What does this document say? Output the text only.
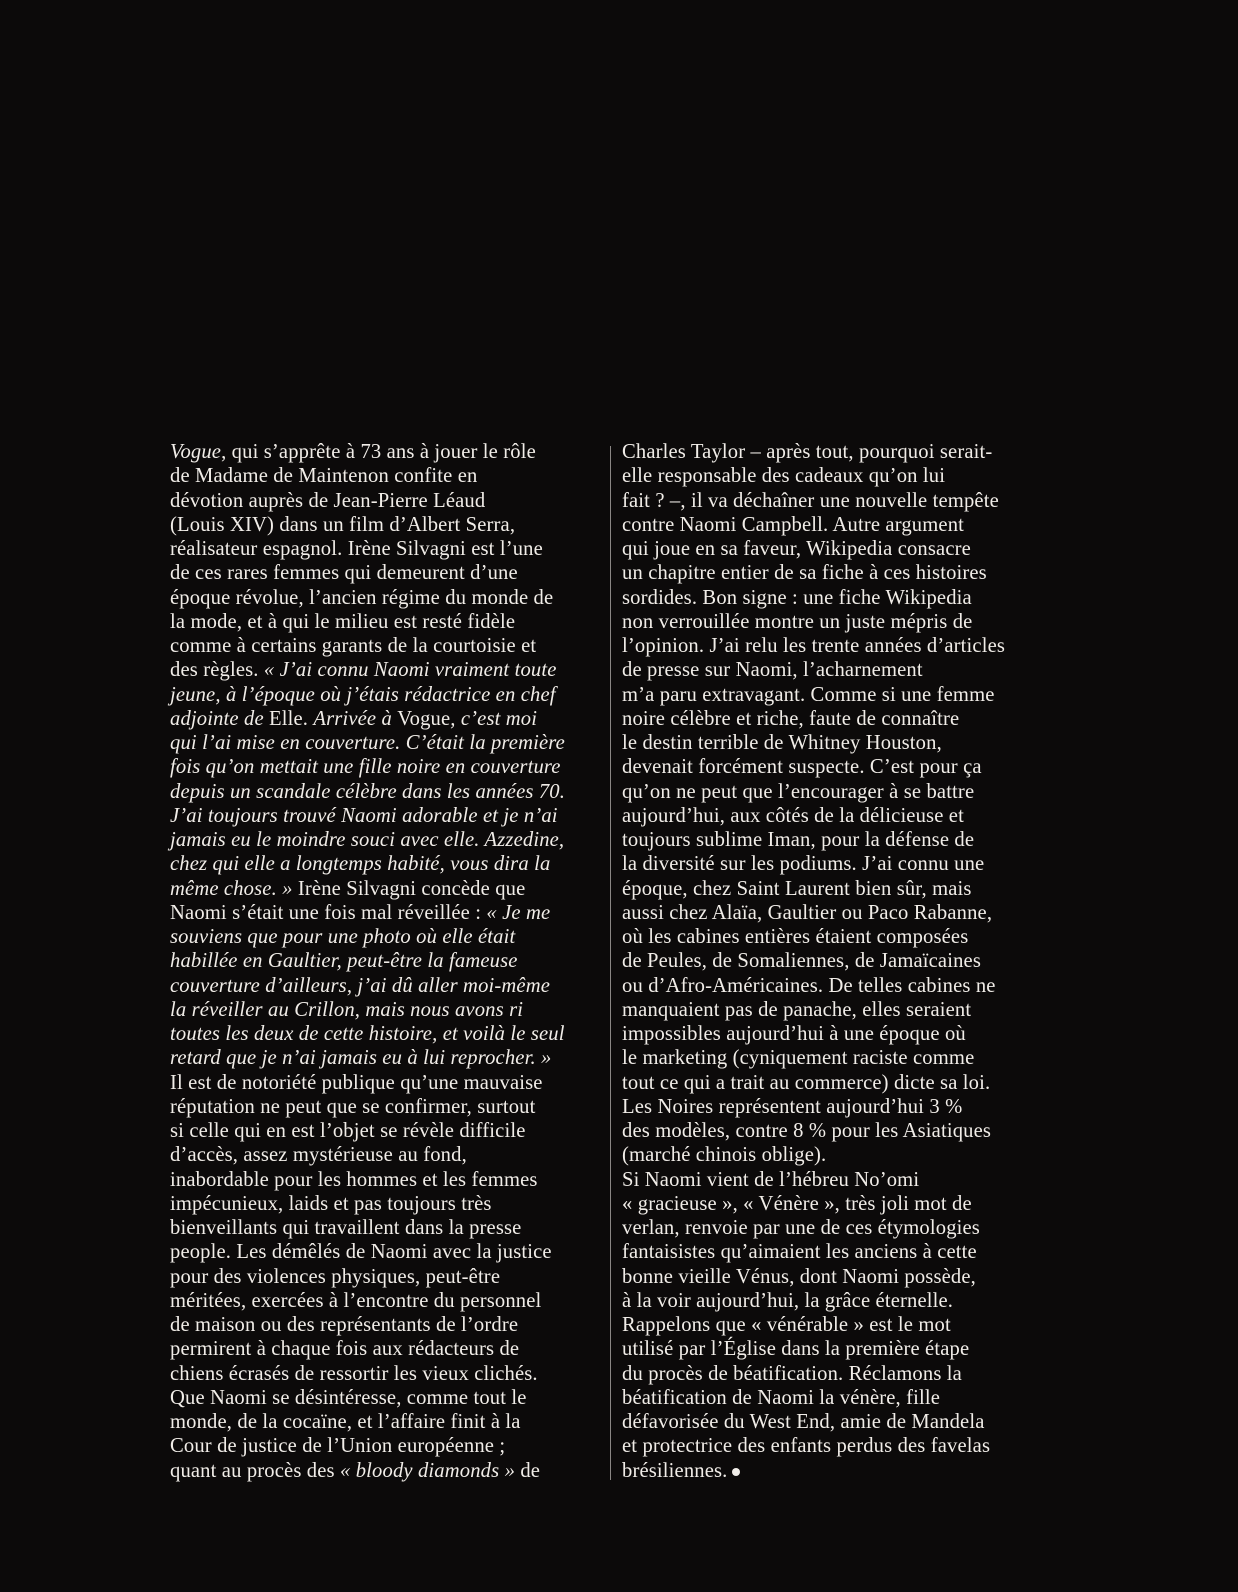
Vogue, qui s’apprête à 73 ans à jouer le rôle
de Madame de Maintenon confite en
dévotion auprès de Jean-Pierre Léaud
(Louis XIV) dans un film d’Albert Serra,
réalisateur espagnol. Irène Silvagni est l’une
de ces rares femmes qui demeurent d’une
époque révolue, l’ancien régime du monde de
la mode, et à qui le milieu est resté fidèle
comme à certains garants de la courtoisie et
des règles. « J’ai connu Naomi vraiment toute
jeune, à l’époque où j’étais rédactrice en chef
adjointe de Elle. Arrivée à Vogue, c’est moi
qui l’ai mise en couverture. C’était la première
fois qu’on mettait une fille noire en couverture
depuis un scandale célèbre dans les années 70.
J’ai toujours trouvé Naomi adorable et je n’ai
jamais eu le moindre souci avec elle. Azzedine,
chez qui elle a longtemps habité, vous dira la
même chose. » Irène Silvagni concède que
Naomi s’était une fois mal réveillée : « Je me
souviens que pour une photo où elle était
habillée en Gaultier, peut-être la fameuse
couverture d’ailleurs, j’ai dû aller moi-même
la réveiller au Crillon, mais nous avons ri
toutes les deux de cette histoire, et voilà le seul
retard que je n’ai jamais eu à lui reprocher. »
Il est de notoriété publique qu’une mauvaise
réputation ne peut que se confirmer, surtout
si celle qui en est l’objet se révèle difficile
d’accès, assez mystérieuse au fond,
inabordable pour les hommes et les femmes
impécunieux, laids et pas toujours très
bienveillants qui travaillent dans la presse
people. Les démêlés de Naomi avec la justice
pour des violences physiques, peut-être
méritées, exercées à l’encontre du personnel
de maison ou des représentants de l’ordre
permirent à chaque fois aux rédacteurs de
chiens écrasés de ressortir les vieux clichés.
Que Naomi se désintéresse, comme tout le
monde, de la cocaïne, et l’affaire finit à la
Cour de justice de l’Union européenne ;
quant au procès des « bloody diamonds » de
Charles Taylor – après tout, pourquoi serait-
elle responsable des cadeaux qu’on lui
fait ? –, il va déchaîner une nouvelle tempête
contre Naomi Campbell. Autre argument
qui joue en sa faveur, Wikipedia consacre
un chapitre entier de sa fiche à ces histoires
sordides. Bon signe : une fiche Wikipedia
non verrouillée montre un juste mépris de
l’opinion. J’ai relu les trente années d’articles
de presse sur Naomi, l’acharnement
m’a paru extravagant. Comme si une femme
noire célèbre et riche, faute de connaître
le destin terrible de Whitney Houston,
devenait forcément suspecte. C’est pour ça
qu’on ne peut que l’encourager à se battre
aujourd’hui, aux côtés de la délicieuse et
toujours sublime Iman, pour la défense de
la diversité sur les podiums. J’ai connu une
époque, chez Saint Laurent bien sûr, mais
aussi chez Alaïa, Gaultier ou Paco Rabanne,
où les cabines entières étaient composées
de Peules, de Somaliennes, de Jamaïcaines
ou d’Afro-Américaines. De telles cabines ne
manquaient pas de panache, elles seraient
impossibles aujourd’hui à une époque où
le marketing (cyniquement raciste comme
tout ce qui a trait au commerce) dicte sa loi.
Les Noires représentent aujourd’hui 3 %
des modèles, contre 8 % pour les Asiatiques
(marché chinois oblige).
Si Naomi vient de l’hébreu No’omi
« gracieuse », « Vénère », très joli mot de
verlan, renvoie par une de ces étymologies
fantaisistes qu’aimaient les anciens à cette
bonne vieille Vénus, dont Naomi possède,
à la voir aujourd’hui, la grâce éternelle.
Rappelons que « vénérable » est le mot
utilisé par l’Église dans la première étape
du procès de béatification. Réclamons la
béatification de Naomi la vénère, fille
défavorisée du West End, amie de Mandela
et protectrice des enfants perdus des favelas
brésiliennes.
